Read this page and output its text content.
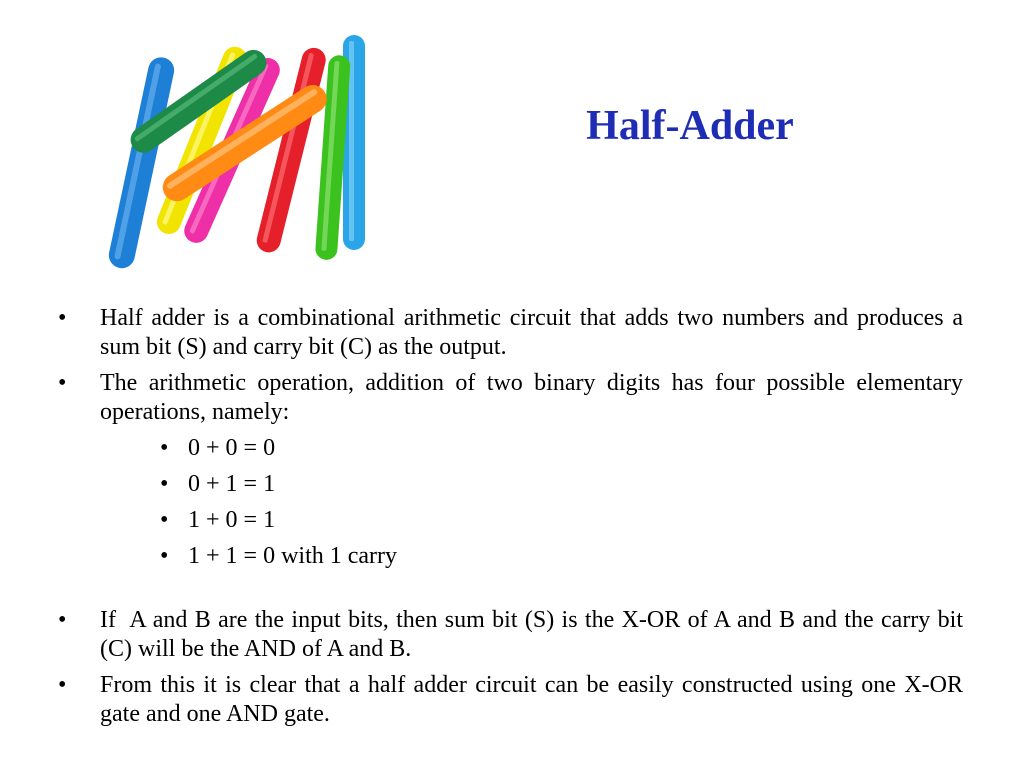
Half-Adder
•	Half adder is a combinational arithmetic circuit that adds two numbers and produces a sum bit (S) and carry bit (C) as the output.
•	The arithmetic operation, addition of two binary digits has four possible elementary operations, namely:
• 0 + 0 = 0
• 0 + 1 = 1
• 1 + 0 = 1
• 1 + 1 = 0 with 1 carry
•	If  A and B are the input bits, then sum bit (S) is the X-OR of A and B and the carry bit (C) will be the AND of A and B.
•	From this it is clear that a half adder circuit can be easily constructed using one X-OR gate and one AND gate.
